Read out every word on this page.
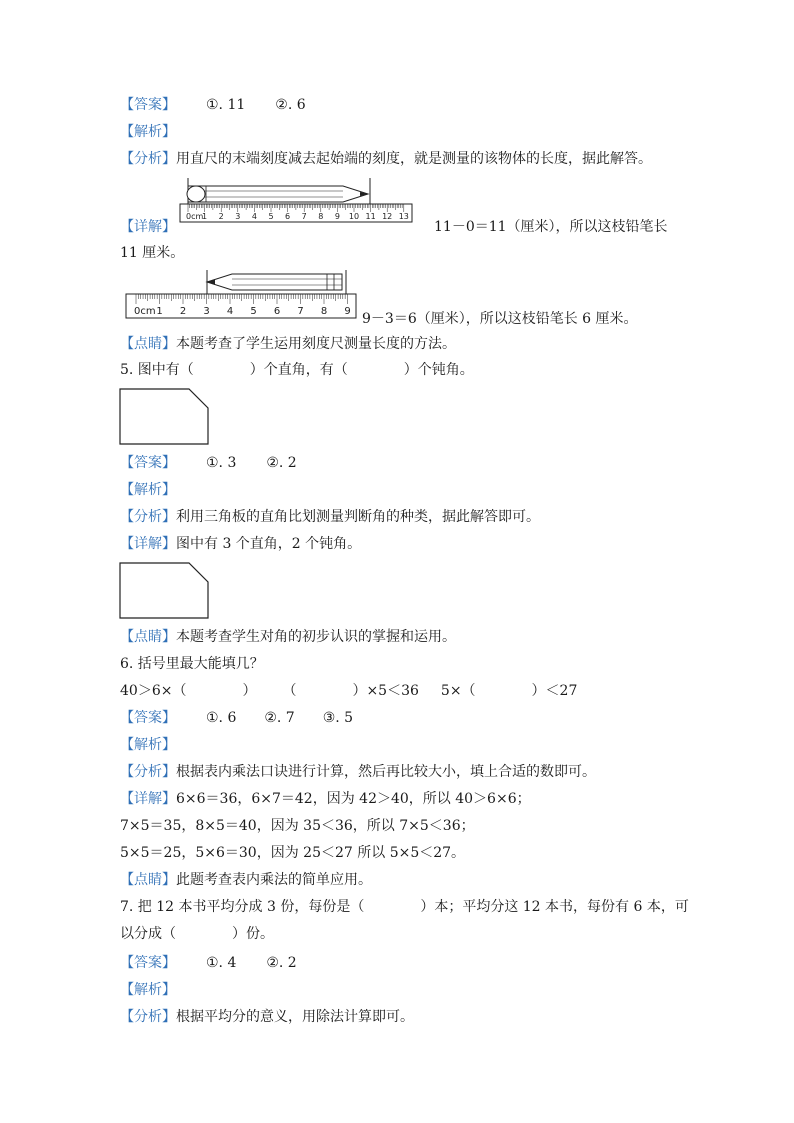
【答案】 ①. 11 ②. 6
【解析】
【分析】用直尺的末端刻度减去起始端的刻度，就是测量的该物体的长度，据此解答。
0cm
1 2 3 4 5 6 7 8 9 10 11 12 13
【详解】	11－0＝11（厘米），所以这枝铅笔长
11 厘米。
0cm 1 2 3 4 5 6 7 8 9 9－3＝6（厘米），所以这枝铅笔长 6 厘米。
【点睛】本题考查了学生运用刻度尺测量长度的方法。
5. 图中有（　　　　）个直角，有（　　　　）个钝角。
【答案】 ①. 3 ②. 2
【解析】
【分析】利用三角板的直角比划测量判断角的种类，据此解答即可。
【详解】图中有 3 个直角，2 个钝角。
【点睛】本题考查学生对角的初步认识的掌握和运用。
6. 括号里最大能填几？
40＞6×（　　　　） （　　　　）×5＜36 5×（　　　　）＜27
【答案】 ①. 6 ②. 7 ③. 5
【解析】
【分析】根据表内乘法口诀进行计算，然后再比较大小，填上合适的数即可。
【详解】6×6＝36，6×7＝42，因为 42＞40，所以 40＞6×6；
7×5＝35，8×5＝40，因为 35＜36，所以 7×5＜36；
5×5＝25，5×6＝30，因为 25＜27 所以 5×5＜27。
【点睛】此题考查表内乘法的简单应用。
7. 把 12 本书平均分成 3 份，每份是（　　　　）本；平均分这 12 本书，每份有 6 本，可
以分成（　　　　）份。
【答案】 ①. 4 ②. 2
【解析】
【分析】根据平均分的意义，用除法计算即可。
